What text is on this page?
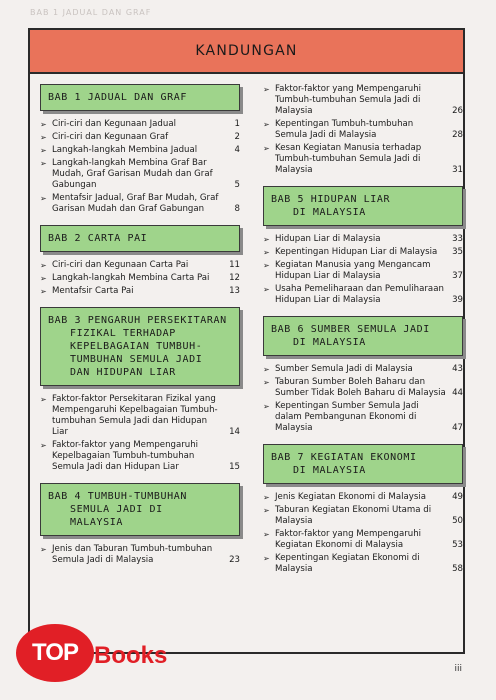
BAB 1 JADUAL DAN GRAF
KANDUNGAN
BAB 1 JADUAL DAN GRAF
➢ Ciri-ciri dan Kegunaan Jadual	1
➢ Ciri-ciri dan Kegunaan Graf	2
➢ Langkah-langkah Membina Jadual	4
➢ Langkah-langkah Membina Graf Bar Mudah, Graf Garisan Mudah dan Graf Gabungan	5
➢ Mentafsir Jadual, Graf Bar Mudah, Graf Garisan Mudah dan Graf Gabungan	8
BAB 2 CARTA PAI
➢ Ciri-ciri dan Kegunaan Carta Pai	11
➢ Langkah-langkah Membina Carta Pai	12
➢ Mentafsir Carta Pai	13
BAB 3 PENGARUH PERSEKITARAN
FIZIKAL TERHADAP
KEPELBAGAIAN TUMBUH-
TUMBUHAN SEMULA JADI
DAN HIDUPAN LIAR
➢ Faktor-faktor Persekitaran Fizikal yang Mempengaruhi Kepelbagaian Tumbuh-tumbuhan Semula Jadi dan Hidupan Liar	14
➢ Faktor-faktor yang Mempengaruhi Kepelbagaian Tumbuh-tumbuhan Semula Jadi dan Hidupan Liar	15
BAB 4 TUMBUH-TUMBUHAN
SEMULA JADI DI
MALAYSIA
➢ Jenis dan Taburan Tumbuh-tumbuhan Semula Jadi di Malaysia	23
➢ Faktor-faktor yang Mempengaruhi Tumbuh-tumbuhan Semula Jadi di Malaysia	26
➢ Kepentingan Tumbuh-tumbuhan Semula Jadi di Malaysia	28
➢ Kesan Kegiatan Manusia terhadap Tumbuh-tumbuhan Semula Jadi di Malaysia	31
BAB 5 HIDUPAN LIAR
DI MALAYSIA
➢ Hidupan Liar di Malaysia	33
➢ Kepentingan Hidupan Liar di Malaysia	35
➢ Kegiatan Manusia yang Mengancam Hidupan Liar di Malaysia	37
➢ Usaha Pemeliharaan dan Pemuliharaan Hidupan Liar di Malaysia	39
BAB 6 SUMBER SEMULA JADI
DI MALAYSIA
➢ Sumber Semula Jadi di Malaysia	43
➢ Taburan Sumber Boleh Baharu dan Sumber Tidak Boleh Baharu di Malaysia 44
➢ Kepentingan Sumber Semula Jadi dalam Pembangunan Ekonomi di Malaysia	47
BAB 7 KEGIATAN EKONOMI
DI MALAYSIA
➢ Jenis Kegiatan Ekonomi di Malaysia	49
➢ Taburan Kegiatan Ekonomi Utama di Malaysia	50
➢ Faktor-faktor yang Mempengaruhi Kegiatan Ekonomi di Malaysia	53
➢ Kepentingan Kegiatan Ekonomi di Malaysia	58
iii
TOP Books
